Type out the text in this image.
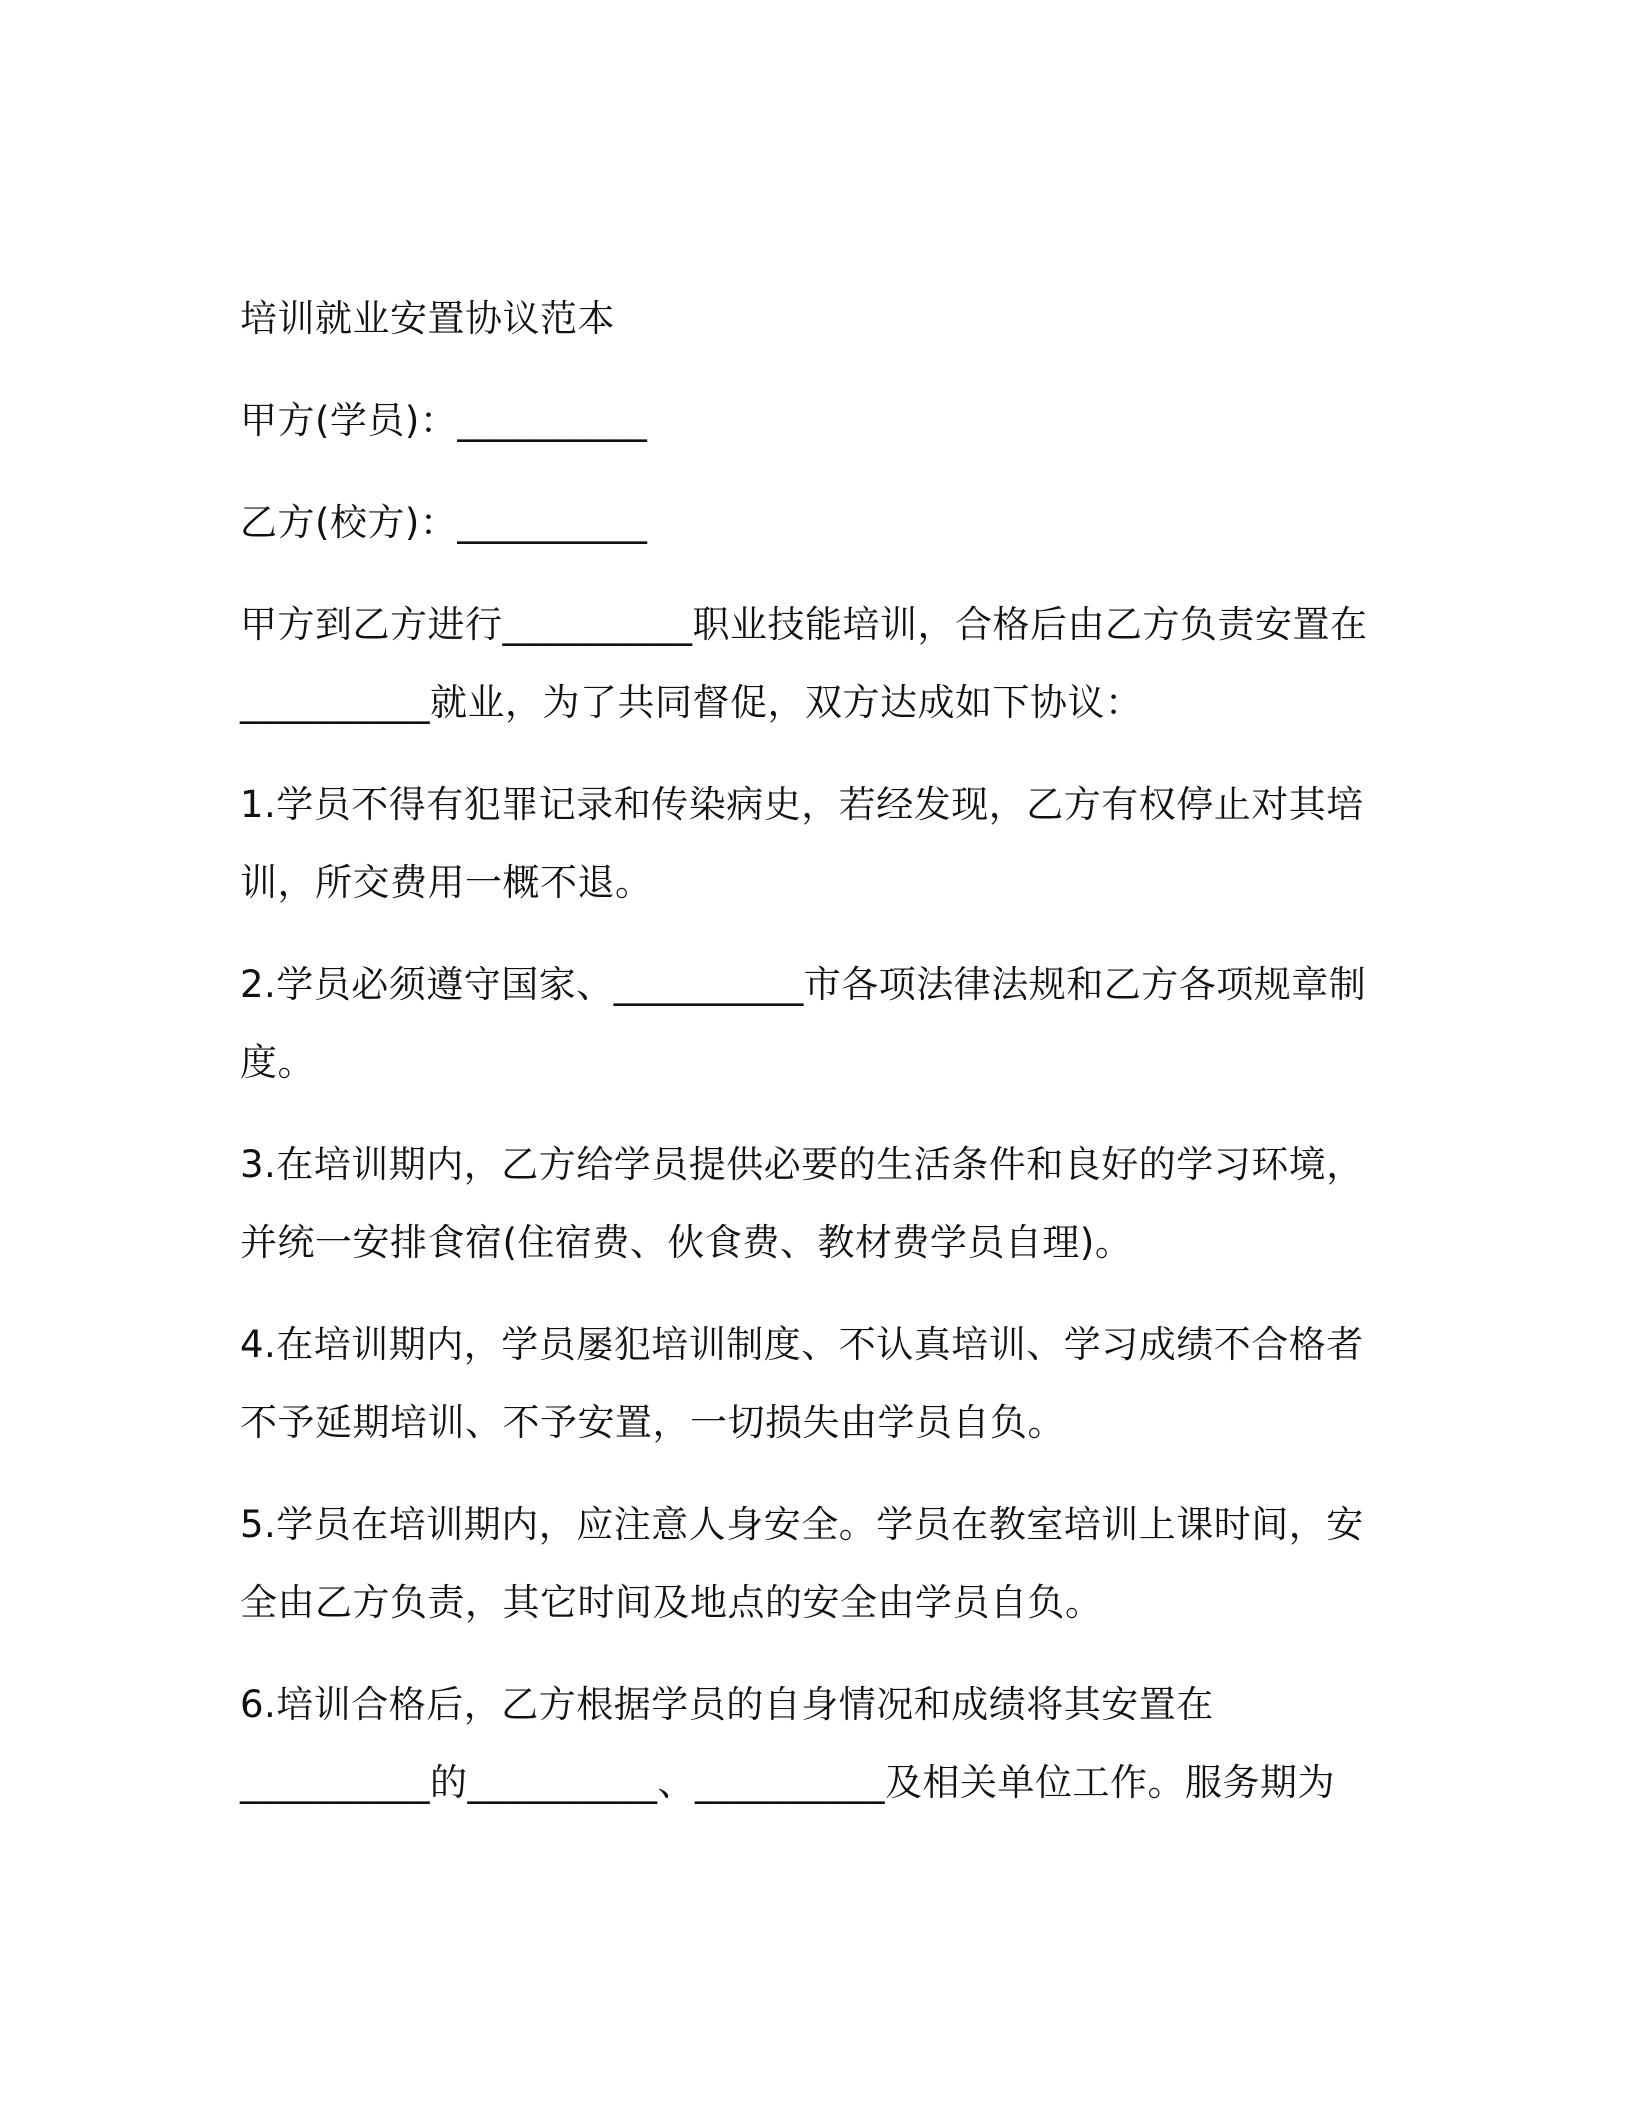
培训就业安置协议范本
甲方(学员)：__________
乙方(校方)：__________
甲方到乙方进行__________职业技能培训，合格后由乙方负责安置在
__________就业，为了共同督促，双方达成如下协议：
1.学员不得有犯罪记录和传染病史，若经发现，乙方有权停止对其培
训，所交费用一概不退。
2.学员必须遵守国家、__________市各项法律法规和乙方各项规章制
度。
3.在培训期内，乙方给学员提供必要的生活条件和良好的学习环境，
并统一安排食宿(住宿费、伙食费、教材费学员自理)。
4.在培训期内，学员屡犯培训制度、不认真培训、学习成绩不合格者
不予延期培训、不予安置，一切损失由学员自负。
5.学员在培训期内，应注意人身安全。学员在教室培训上课时间，安
全由乙方负责，其它时间及地点的安全由学员自负。
6.培训合格后，乙方根据学员的自身情况和成绩将其安置在
__________的__________、__________及相关单位工作。服务期为
